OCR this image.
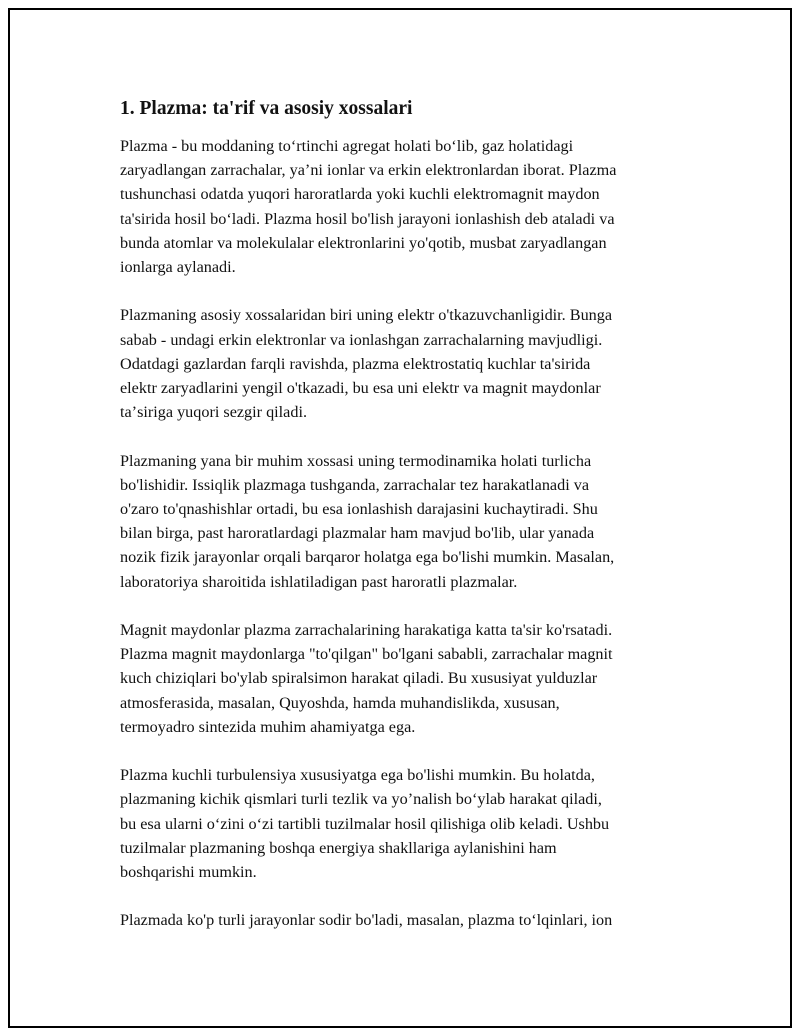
1. Plazma: ta'rif va asosiy xossalari
Plazma - bu moddaning toʻrtinchi agregat holati boʻlib, gaz holatidagi
zaryadlangan zarrachalar, yaʼni ionlar va erkin elektronlardan iborat. Plazma
tushunchasi odatda yuqori haroratlarda yoki kuchli elektromagnit maydon
ta'sirida hosil boʻladi. Plazma hosil bo'lish jarayoni ionlashish deb ataladi va
bunda atomlar va molekulalar elektronlarini yo'qotib, musbat zaryadlangan
ionlarga aylanadi.
Plazmaning asosiy xossalaridan biri uning elektr o'tkazuvchanligidir. Bunga
sabab - undagi erkin elektronlar va ionlashgan zarrachalarning mavjudligi.
Odatdagi gazlardan farqli ravishda, plazma elektrostatiq kuchlar ta'sirida
elektr zaryadlarini yengil o'tkazadi, bu esa uni elektr va magnit maydonlar
taʼsiriga yuqori sezgir qiladi.
Plazmaning yana bir muhim xossasi uning termodinamika holati turlicha
bo'lishidir. Issiqlik plazmaga tushganda, zarrachalar tez harakatlanadi va
o'zaro to'qnashishlar ortadi, bu esa ionlashish darajasini kuchaytiradi. Shu
bilan birga, past haroratlardagi plazmalar ham mavjud bo'lib, ular yanada
nozik fizik jarayonlar orqali barqaror holatga ega bo'lishi mumkin. Masalan,
laboratoriya sharoitida ishlatiladigan past haroratli plazmalar.
Magnit maydonlar plazma zarrachalarining harakatiga katta ta'sir ko'rsatadi.
Plazma magnit maydonlarga "to'qilgan" bo'lgani sababli, zarrachalar magnit
kuch chiziqlari bo'ylab spiralsimon harakat qiladi. Bu xususiyat yulduzlar
atmosferasida, masalan, Quyoshda, hamda muhandislikda, xususan,
termoyadro sintezida muhim ahamiyatga ega.
Plazma kuchli turbulensiya xususiyatga ega bo'lishi mumkin. Bu holatda,
plazmaning kichik qismlari turli tezlik va yoʼnalish boʻylab harakat qiladi,
bu esa ularni oʻzini oʻzi tartibli tuzilmalar hosil qilishiga olib keladi. Ushbu
tuzilmalar plazmaning boshqa energiya shakllariga aylanishini ham
boshqarishi mumkin.
Plazmada ko'p turli jarayonlar sodir bo'ladi, masalan, plazma toʻlqinlari, ion
